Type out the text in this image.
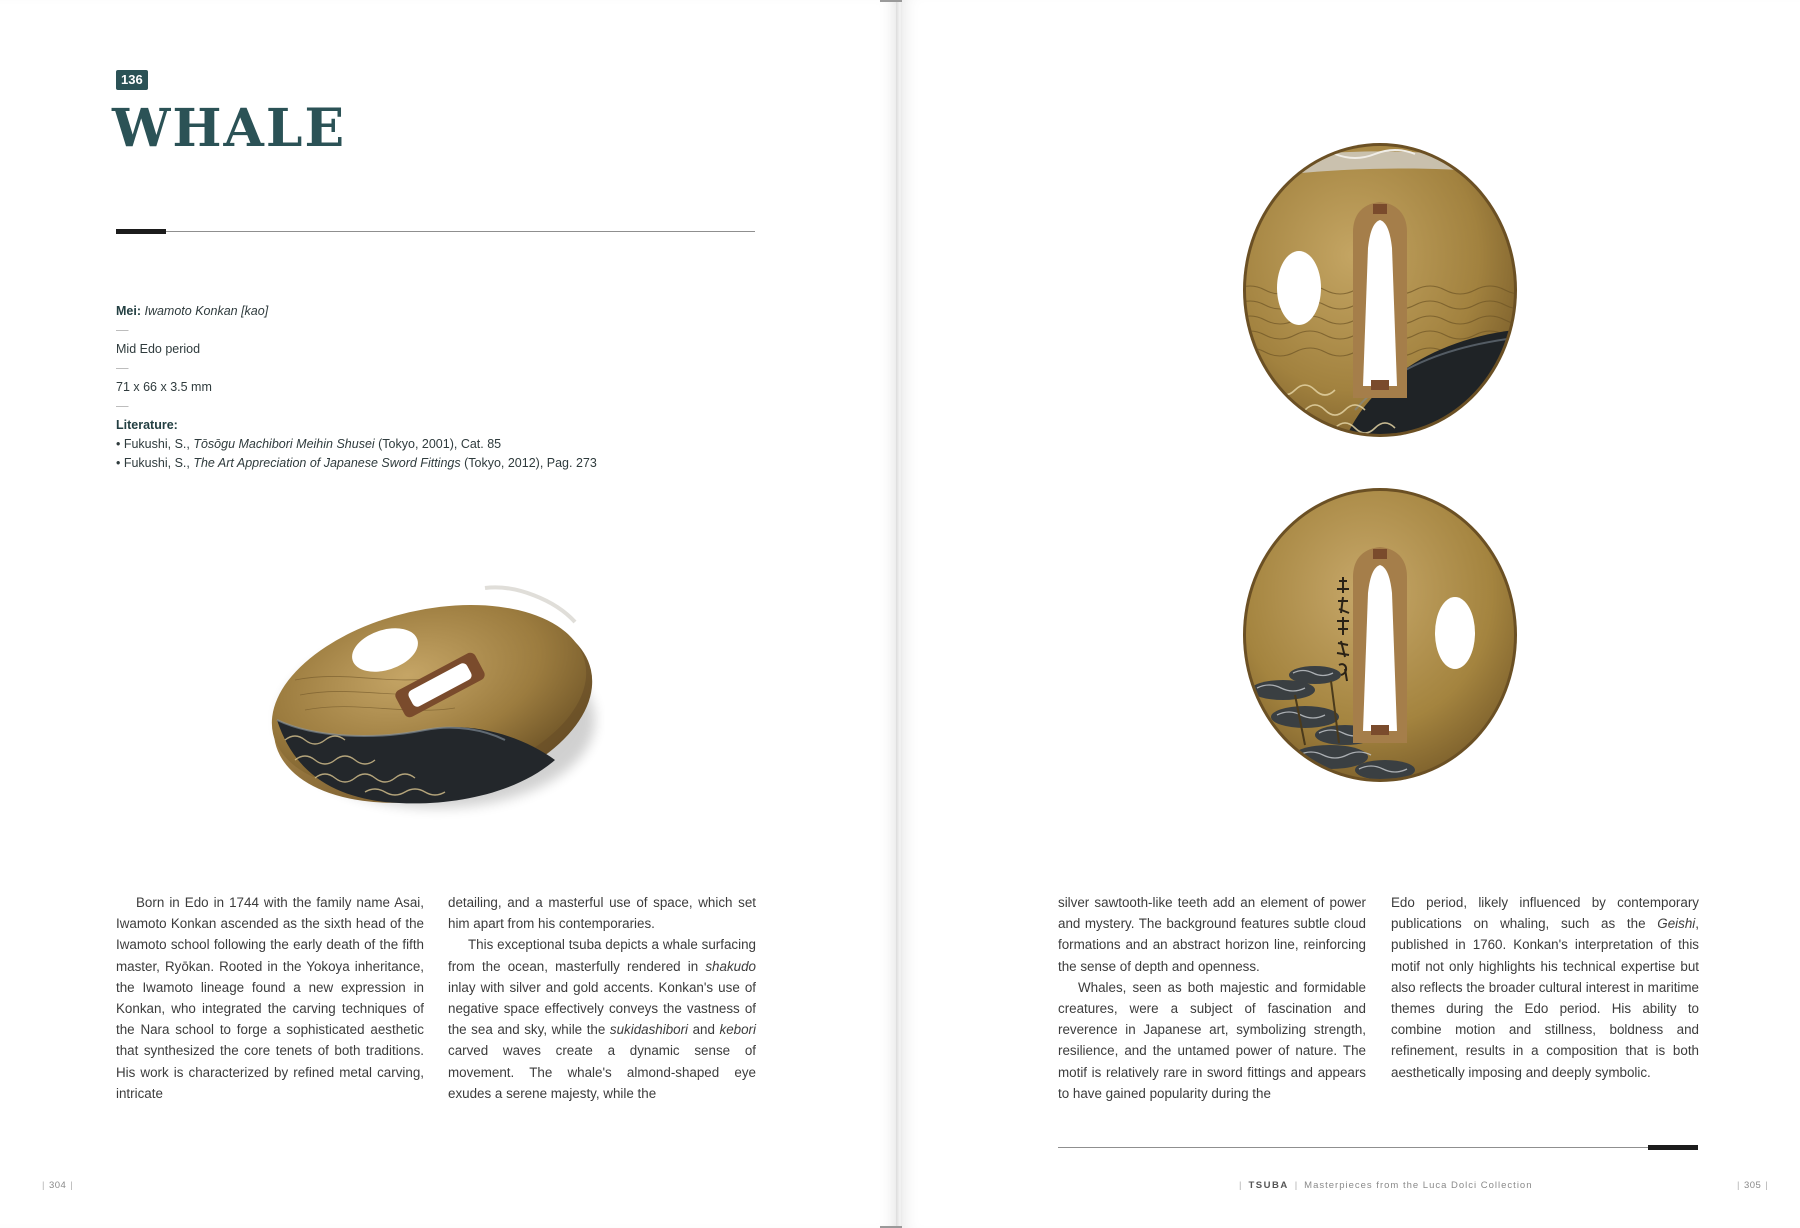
136
WHALE
Mei: Iwamoto Konkan [kao]
—
Mid Edo period
—
71 x 66 x 3.5 mm
—
Literature:
• Fukushi, S., Tōsōgu Machibori Meihin Shusei (Tokyo, 2001), Cat. 85
• Fukushi, S., The Art Appreciation of Japanese Sword Fittings (Tokyo, 2012), Pag. 273

Born in Edo in 1744 with the family name Asai, Iwamoto Konkan ascended as the sixth head of the Iwamoto school following the early death of the fifth master, Ryōkan. Rooted in the Yokoya inheritance, the Iwamoto lineage found a new expression in Konkan, who integrated the carving techniques of the Nara school to forge a sophisticated aesthetic that synthesized the core tenets of both traditions. His work is characterized by refined metal carving, intricate

detailing, and a masterful use of space, which set him apart from his contemporaries.

This exceptional tsuba depicts a whale surfacing from the ocean, masterfully rendered in shakudo inlay with silver and gold accents. Konkan's use of negative space effectively conveys the vastness of the sea and sky, while the sukidashibori and kebori carved waves create a dynamic sense of movement. The whale's almond-shaped eye exudes a serene majesty, while the

| 304 |

silver sawtooth-like teeth add an element of power and mystery. The background features subtle cloud formations and an abstract horizon line, reinforcing the sense of depth and openness.

Whales, seen as both majestic and formidable creatures, were a subject of fascination and reverence in Japanese art, symbolizing strength, resilience, and the untamed power of nature. The motif is relatively rare in sword fittings and appears to have gained popularity during the

Edo period, likely influenced by contemporary publications on whaling, such as the Geishi, published in 1760. Konkan's interpretation of this motif not only highlights his technical expertise but also reflects the broader cultural interest in maritime themes during the Edo period. His ability to combine motion and stillness, boldness and refinement, results in a composition that is both aesthetically imposing and deeply symbolic.

| TSUBA | Masterpieces from the Luca Dolci Collection	| 305 |
